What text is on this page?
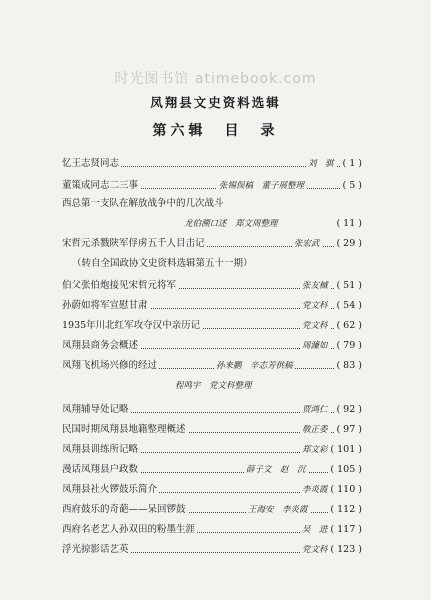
时光图书馆 atimebook.com
凤翔县文史资料选辑
第六辑　目　录
忆王志贤同志	刘　骐 ( 1 )
董策成同志二三事	张锡俣稿　董子展整理	( 5 )
西总第一支队在解放战争中的几次战斗
龙伯溯口述　郑文周整理	( 11 )
宋哲元杀戮陕军俘虏五千人目击记	张宏武 ( 29 )
（转自全国政协文史资料选辑第五十一期）
伯父张伯炮接见宋哲元将军	张友槭 ( 51 )
孙蔚如将军宣慰甘肃	党文科 ( 54 )
1935年川北红军攻夺汉中亲历记	党文科 ( 62 )
凤翔县商务会概述	周濂如 ( 79 )
凤翔飞机场兴修的经过	孙来鹏　辛志芳供稿	( 83 )
程鸣宇　党文科整理
凤翔辅导处记略	贾鸿仁 ( 92 )
民国时期凤翔县地籍整理概述	敬正委 ( 97 )
凤翔县训练所记略	郑文彩 ( 101 )
漫话凤翔县户政数	薛子文　赵　沉	( 105 )
凤翔县社火锣鼓乐简介	李炎霞 ( 110 )
西府鼓乐的奇葩——呆回锣鼓	王海安　李炎霞 ( 112 )
西府名老艺人孙双田的粉墨生涯	吴　进 ( 117 )
浮光掠影话艺英	党文科 ( 123 )
